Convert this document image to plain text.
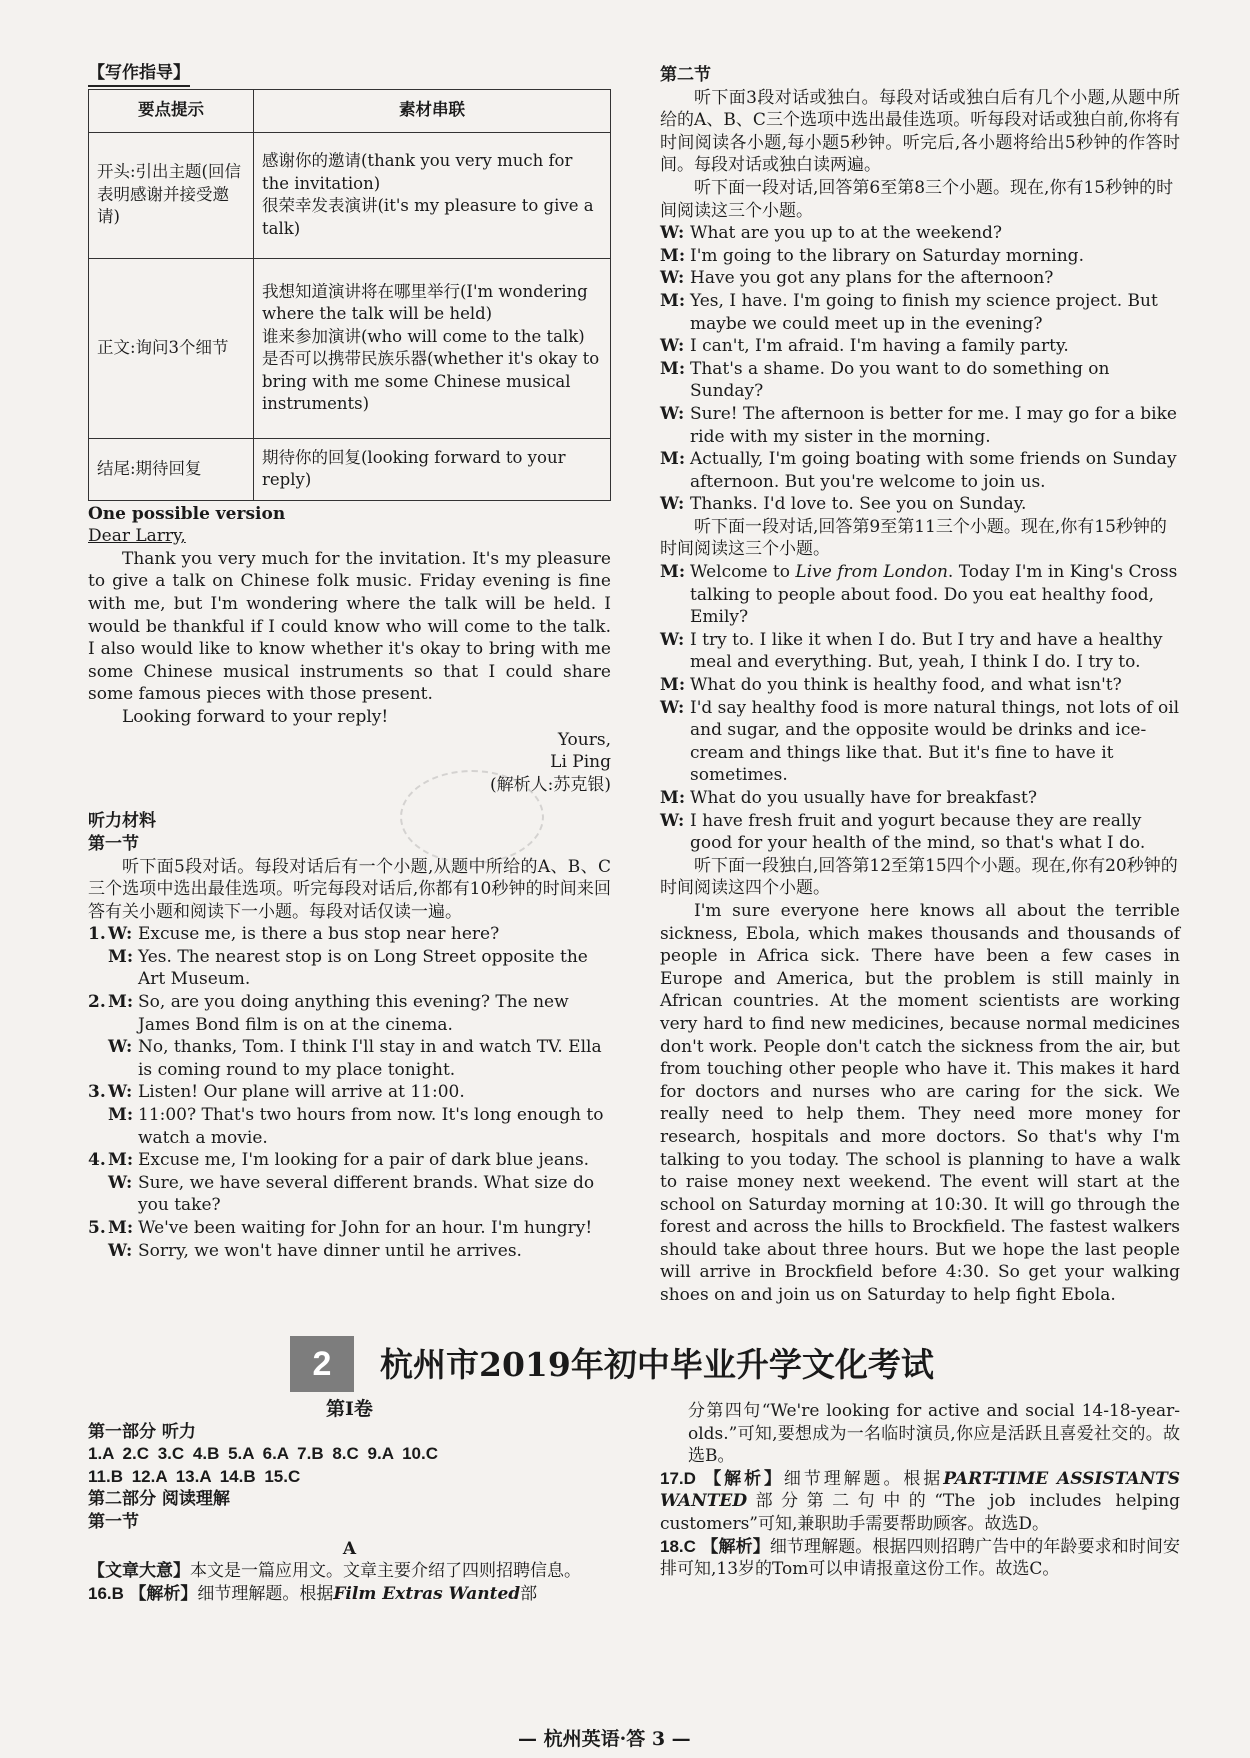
【写作指导】
要点提示	素材串联
开头:引出主题(回信表明感谢并接受邀请)	感谢你的邀请(thank you very much for the invitation)
很荣幸发表演讲(it's my pleasure to give a talk)
正文:询问3个细节	我想知道演讲将在哪里举行(I'm wondering where the talk will be held)
谁来参加演讲(who will come to the talk)
是否可以携带民族乐器(whether it's okay to bring with me some Chinese musical instruments)
结尾:期待回复	期待你的回复(looking forward to your reply)

One possible version

Dear Larry,

Thank you very much for the invitation. It's my pleasure to give a talk on Chinese folk music. Friday evening is fine with me, but I'm wondering where the talk will be held. I would be thankful if I could know who will come to the talk. I also would like to know whether it's okay to bring with me some Chinese musical instruments so that I could share some famous pieces with those present.

Looking forward to your reply!

Yours,

Li Ping

(解析人:苏克银)

听力材料

第一节

听下面5段对话。每段对话后有一个小题,从题中所给的A、B、C三个选项中选出最佳选项。听完每段对话后,你都有10秒钟的时间来回答有关小题和阅读下一小题。每段对话仅读一遍。

1. W: Excuse me, is there a bus stop near here?
M: Yes. The nearest stop is on Long Street opposite the Art Museum.
2. M: So, are you doing anything this evening? The new James Bond film is on at the cinema.
W: No, thanks, Tom. I think I'll stay in and watch TV. Ella is coming round to my place tonight.
3. W: Listen! Our plane will arrive at 11:00.
M: 11:00? That's two hours from now. It's long enough to watch a movie.
4. M: Excuse me, I'm looking for a pair of dark blue jeans.
W: Sure, we have several different brands. What size do you take?
5. M: We've been waiting for John for an hour. I'm hungry!
W: Sorry, we won't have dinner until he arrives.

第二节

听下面3段对话或独白。每段对话或独白后有几个小题,从题中所给的A、B、C三个选项中选出最佳选项。听每段对话或独白前,你将有时间阅读各小题,每小题5秒钟。听完后,各小题将给出5秒钟的作答时间。每段对话或独白读两遍。

听下面一段对话,回答第6至第8三个小题。现在,你有15秒钟的时间阅读这三个小题。

W: What are you up to at the weekend?
M: I'm going to the library on Saturday morning.
W: Have you got any plans for the afternoon?
M: Yes, I have. I'm going to finish my science project. But maybe we could meet up in the evening?
W: I can't, I'm afraid. I'm having a family party.
M: That's a shame. Do you want to do something on Sunday?
W: Sure! The afternoon is better for me. I may go for a bike ride with my sister in the morning.
M: Actually, I'm going boating with some friends on Sunday afternoon. But you're welcome to join us.
W: Thanks. I'd love to. See you on Sunday.

听下面一段对话,回答第9至第11三个小题。现在,你有15秒钟的时间阅读这三个小题。

M: Welcome to Live from London. Today I'm in King's Cross talking to people about food. Do you eat healthy food, Emily?
W: I try to. I like it when I do. But I try and have a healthy meal and everything. But, yeah, I think I do. I try to.
M: What do you think is healthy food, and what isn't?
W: I'd say healthy food is more natural things, not lots of oil and sugar, and the opposite would be drinks and ice-cream and things like that. But it's fine to have it sometimes.
M: What do you usually have for breakfast?
W: I have fresh fruit and yogurt because they are really good for your health of the mind, so that's what I do.

听下面一段独白,回答第12至第15四个小题。现在,你有20秒钟的时间阅读这四个小题。

I'm sure everyone here knows all about the terrible sickness, Ebola, which makes thousands and thousands of people in Africa sick. There have been a few cases in Europe and America, but the problem is still mainly in African countries. At the moment scientists are working very hard to find new medicines, because normal medicines don't work. People don't catch the sickness from the air, but from touching other people who have it. This makes it hard for doctors and nurses who are caring for the sick. We really need to help them. They need more money for research, hospitals and more doctors. So that's why I'm talking to you today. The school is planning to have a walk to raise money next weekend. The event will start at the school on Saturday morning at 10:30. It will go through the forest and across the hills to Brockfield. The fastest walkers should take about three hours. But we hope the last people will arrive in Brockfield before 4:30. So get your walking shoes on and join us on Saturday to help fight Ebola.

2	杭州市2019年初中毕业升学文化考试

第Ⅰ卷

第一部分 听力

1.A 2.C 3.C 4.B 5.A 6.A 7.B 8.C 9.A 10.C

11.B 12.A 13.A 14.B 15.C

第二部分 阅读理解

第一节

A

【文章大意】本文是一篇应用文。文章主要介绍了四则招聘信息。

16.B 【解析】细节理解题。根据Film Extras Wanted部

分第四句“We're looking for active and social 14-18-year-olds.”可知,要想成为一名临时演员,你应是活跃且喜爱社交的。故选B。

17.D 【解析】细节理解题。根据PART-TIME ASSISTANTS WANTED部分第二句中的“The job includes helping customers”可知,兼职助手需要帮助顾客。故选D。

18.C 【解析】细节理解题。根据四则招聘广告中的年龄要求和时间安排可知,13岁的Tom可以申请报童这份工作。故选C。

— 杭州英语·答 3 —
